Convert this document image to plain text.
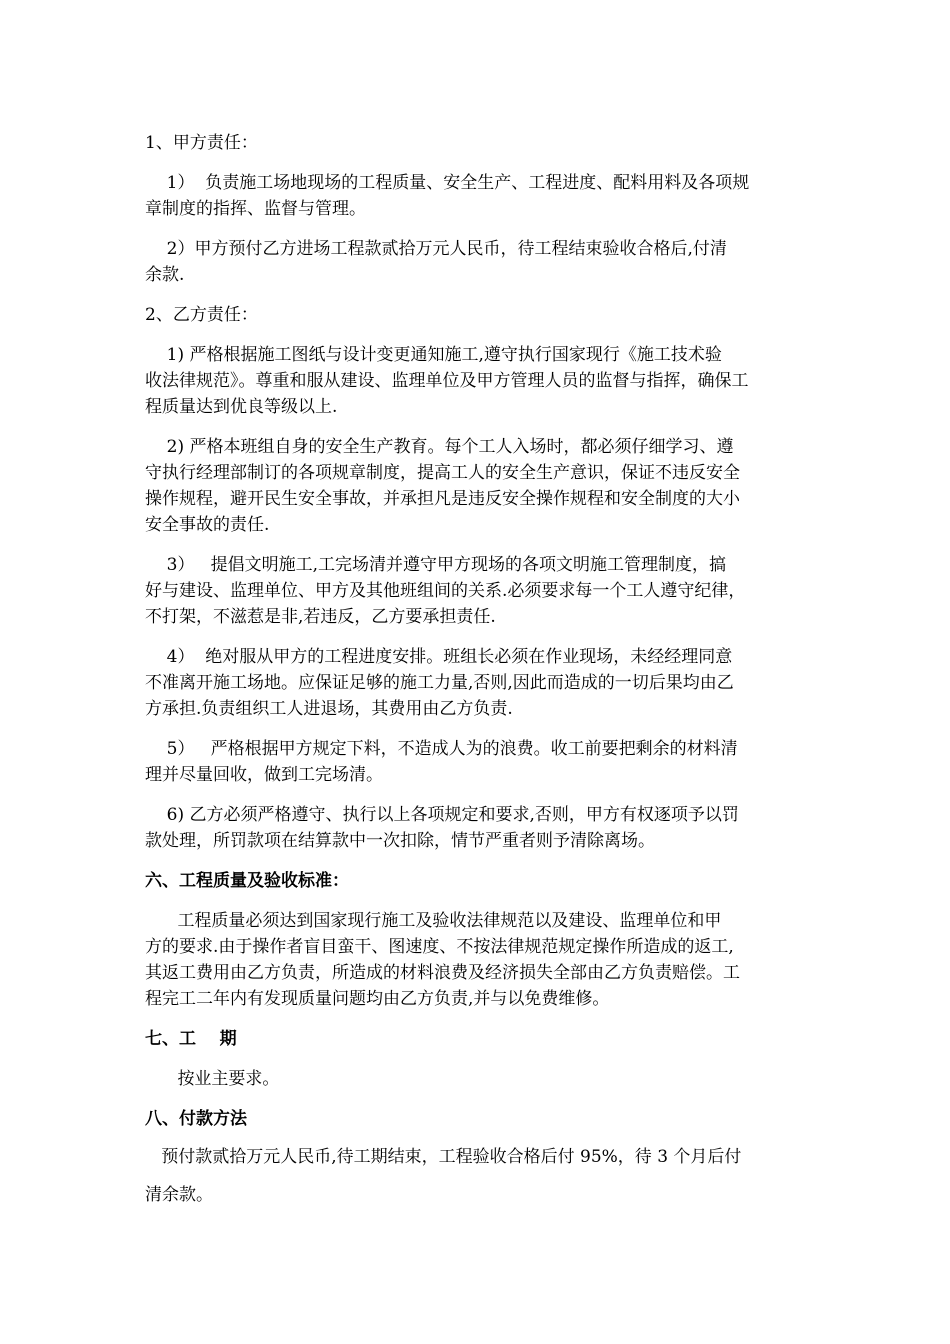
1、甲方责任：

1）  负责施工场地现场的工程质量、安全生产、工程进度、配料用料及各项规

章制度的指挥、监督与管理。

2）甲方预付乙方进场工程款贰拾万元人民币，待工程结束验收合格后,付清

余款.

2、乙方责任：

1) 严格根据施工图纸与设计变更通知施工,遵守执行国家现行《施工技术验

收法律规范》。尊重和服从建设、监理单位及甲方管理人员的监督与指挥，确保工

程质量达到优良等级以上.

2) 严格本班组自身的安全生产教育。每个工人入场时，都必须仔细学习、遵

守执行经理部制订的各项规章制度，提高工人的安全生产意识，保证不违反安全

操作规程，避开民生安全事故，并承担凡是违反安全操作规程和安全制度的大小

安全事故的责任.

3）   提倡文明施工,工完场清并遵守甲方现场的各项文明施工管理制度，搞

好与建设、监理单位、甲方及其他班组间的关系.必须要求每一个工人遵守纪律，

不打架，不滋惹是非,若违反，乙方要承担责任.

4）  绝对服从甲方的工程进度安排。班组长必须在作业现场，未经经理同意

不准离开施工场地。应保证足够的施工力量,否则,因此而造成的一切后果均由乙

方承担.负责组织工人进退场，其费用由乙方负责.

5）   严格根据甲方规定下料，不造成人为的浪费。收工前要把剩余的材料清

理并尽量回收，做到工完场清。

6) 乙方必须严格遵守、执行以上各项规定和要求,否则，甲方有权逐项予以罚

款处理，所罚款项在结算款中一次扣除，情节严重者则予清除离场。

六、工程质量及验收标准：

工程质量必须达到国家现行施工及验收法律规范以及建设、监理单位和甲

方的要求.由于操作者盲目蛮干、图速度、不按法律规范规定操作所造成的返工,

其返工费用由乙方负责，所造成的材料浪费及经济损失全部由乙方负责赔偿。工

程完工二年内有发现质量问题均由乙方负责,并与以免费维修。

七、工    期

按业主要求。

八、付款方法

预付款贰拾万元人民币,待工期结束，工程验收合格后付 95%，待 3 个月后付

清余款。
